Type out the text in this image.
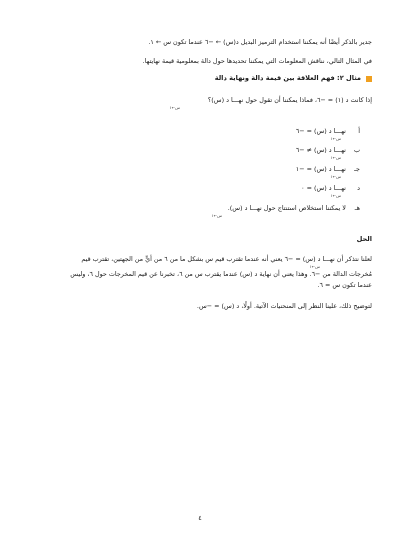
جدير بالذكر أيضًا أنه يمكننا استخدام الترميز البديل د(س) ← −٦ عندما تكون س ← ١.
في المثال التالي، نناقش المعلومات التي يمكننا تحديدها حول دالة بمعلومية قيمة نهايتها.
مثال ٢: فهم العلاقة بين قيمة دالة ونهاية دالة
إذا كانت د (١) = −٦، فماذا يمكننا أن تقول حول نهـــا د (س)؟
س←١
أ نهـــا د (س) = −٦
س←١
ب نهـــا د (س) ≠ −٦
س←١
جـ نهـــا د (س) = −١
س←١
د نهـــا د (س) = ٠
س←١
هـ لا يمكننا استخلاص استنتاج حول نهـــا د (س).
س←١
الحل
لعلنا نتذكر أن نهـــا د (س) = −٦ يعني أنه عندما تقترب قيم س بشكل ما من ٦ من أيٍّ من الجهتين، تقترب قيم
س←١
مُخرجات الدالة من −٦. وهذا يعني أن نهاية د (س) عندما يقترب س من ٦، تخبرنا عن قيم المخرجات حول ٦، وليس
عندما تكون س = ٦.
لتوضيح ذلك، علينا النظر إلى المنحنيات الآتية. أولًا، د (س) = −س.
٤
